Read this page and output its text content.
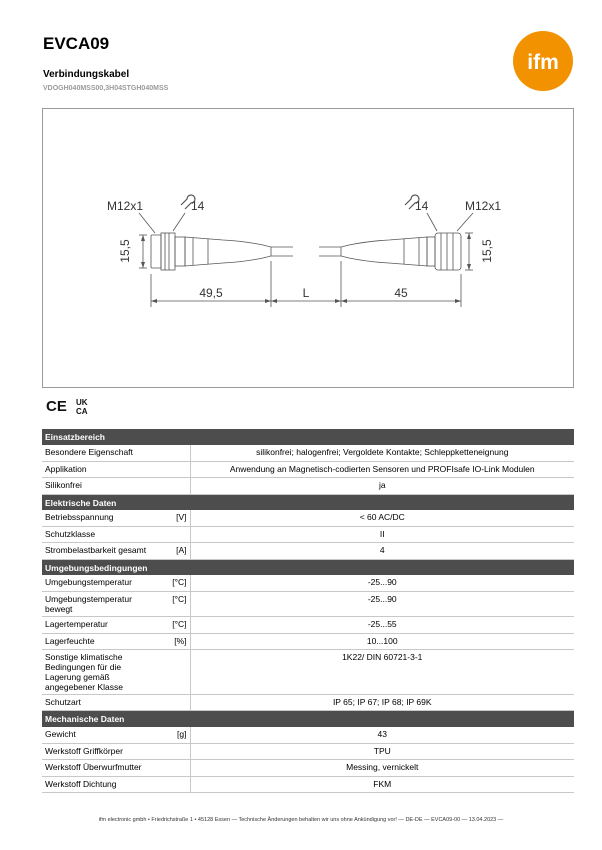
EVCA09
Verbindungskabel
VDOGH040MSS00,3H04STGH040MSS
ifm
M12x1	14	14	M12x1
15,5	15,5
49,5	L	45
CE UK
CA
Einsatzbereich		
Besondere Eigenschaft		silikonfrei; halogenfrei; Vergoldete Kontakte; Schleppketteneignung
Applikation		Anwendung an Magnetisch-codierten Sensoren und PROFIsafe IO-Link Modulen
Silikonfrei		ja
Elektrische Daten		
Betriebsspannung	[V]	< 60 AC/DC
Schutzklasse		II
Strombelastbarkeit gesamt	[A]	4
Umgebungsbedingungen		
Umgebungstemperatur	[°C]	-25...90
Umgebungstemperatur bewegt	[°C]	-25...90
Lagertemperatur	[°C]	-25...55
Lagerfeuchte	[%]	10...100
Sonstige klimatische Bedingungen für die Lagerung gemäß angegebener Klasse		1K22/ DIN 60721-3-1
Schutzart		IP 65; IP 67; IP 68; IP 69K
Mechanische Daten		
Gewicht	[g]	43
Werkstoff Griffkörper		TPU
Werkstoff Überwurfmutter		Messing, vernickelt
Werkstoff Dichtung		FKM
ifm electronic gmbh • Friedrichstraße 1 • 45128 Essen — Technische Änderungen behalten wir uns ohne Ankündigung vor! — DE-DE — EVCA09-00 — 13.04.2023 —
